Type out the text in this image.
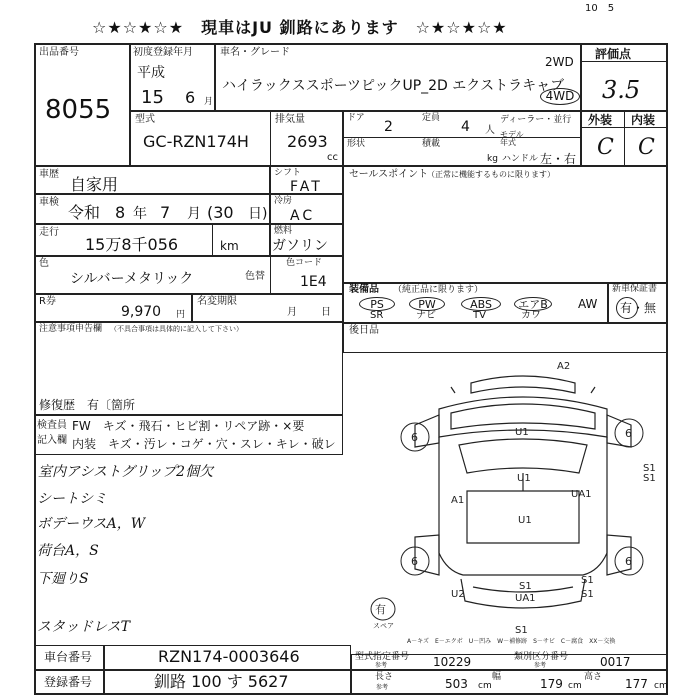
☆★☆★☆★　現車はJU 釧路にあります　☆★☆★☆★
10　5
出品番号
8055
初度登録年月
平成
15 6 月
車名・グレード
ハイラックススポーツピックUP_2D エクストラキャブ
2WD
4WD
評価点
3.5
型式
GC-RZN174H
排気量
2693
cc
ドア
2
定員
4 人
ディーラー・並行
モデル年式
形状	積載
kg ハンドル 左・右
外装 内装
C C
車歴
自家用
車検
令和 8 年 7 月 (30 日)
走行
15万8千056	km
シフト
FAT
冷房
AC
燃料
ガソリン
セールスポイント
（正常に機能するものに限ります）
色
シルバーメタリック	色替
色コード
1E4 装備品 （純正品に限ります）
PS
SR
PW
ナビ
ABS
TV
エアB
カワ
AW
新車保証書
有・無
R券
9,970 円
名変期限
月 日
注意事項申告欄 （不具合事項は具体的に記入して下さい）
修復歴 有〔箇所
後日品
検査員
記入欄
FW　キズ・飛石・ヒビ割・リペア跡・×要
内装　キズ・汚レ・コゲ・穴・スレ・キレ・破レ
室内アシストグリップ2個欠
シートシミ
ボデーウスA，W
荷台A，S
下廻りS
スタッドレスT
A2
U1
U1
U1
A1
UA1
S1
S1
S1
S1
U2	S1
UA1
S1
6	6
6	6
有
スペア
A－キズ　E－エクボ　U－凹み　W－補修跡　S－サビ　C－腐食　XX－交換
車台番号	RZN174-0003646
登録番号	釧路 100 す 5627
型式指定番号
参考	10229	類別区分番号
参考	0017
長さ
参考	503 cm
幅	179 cm
高さ 177 cm
